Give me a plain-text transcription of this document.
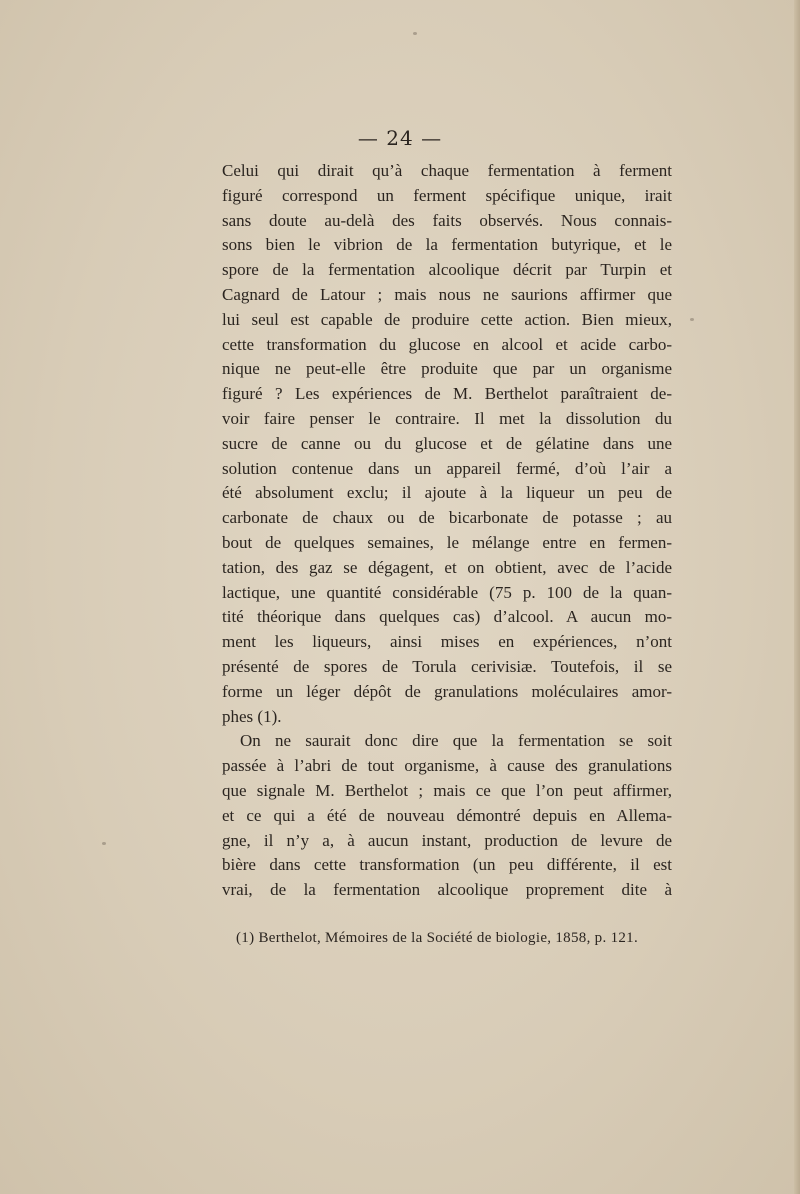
— 24 —
Celui qui dirait qu’à chaque fermentation à ferment
figuré correspond un ferment spécifique unique, irait
sans doute au-delà des faits observés. Nous connais-
sons bien le vibrion de la fermentation butyrique, et le
spore de la fermentation alcoolique décrit par Turpin et
Cagnard de Latour ; mais nous ne saurions affirmer que
lui seul est capable de produire cette action. Bien mieux,
cette transformation du glucose en alcool et acide carbo-
nique ne peut-elle être produite que par un organisme
figuré ? Les expériences de M. Berthelot paraîtraient de-
voir faire penser le contraire. Il met la dissolution du
sucre de canne ou du glucose et de gélatine dans une
solution contenue dans un appareil fermé, d’où l’air a
été absolument exclu; il ajoute à la liqueur un peu de
carbonate de chaux ou de bicarbonate de potasse ; au
bout de quelques semaines, le mélange entre en fermen-
tation, des gaz se dégagent, et on obtient, avec de l’acide
lactique, une quantité considérable (75 p. 100 de la quan-
tité théorique dans quelques cas) d’alcool. A aucun mo-
ment les liqueurs, ainsi mises en expériences, n’ont
présenté de spores de Torula cerivisiæ. Toutefois, il se
forme un léger dépôt de granulations moléculaires amor-
phes (1).
On ne saurait donc dire que la fermentation se soit
passée à l’abri de tout organisme, à cause des granulations
que signale M. Berthelot ; mais ce que l’on peut affirmer,
et ce qui a été de nouveau démontré depuis en Allema-
gne, il n’y a, à aucun instant, production de levure de
bière dans cette transformation (un peu différente, il est
vrai, de la fermentation alcoolique proprement dite à
(1) Berthelot, Mémoires de la Société de biologie, 1858, p. 121.
